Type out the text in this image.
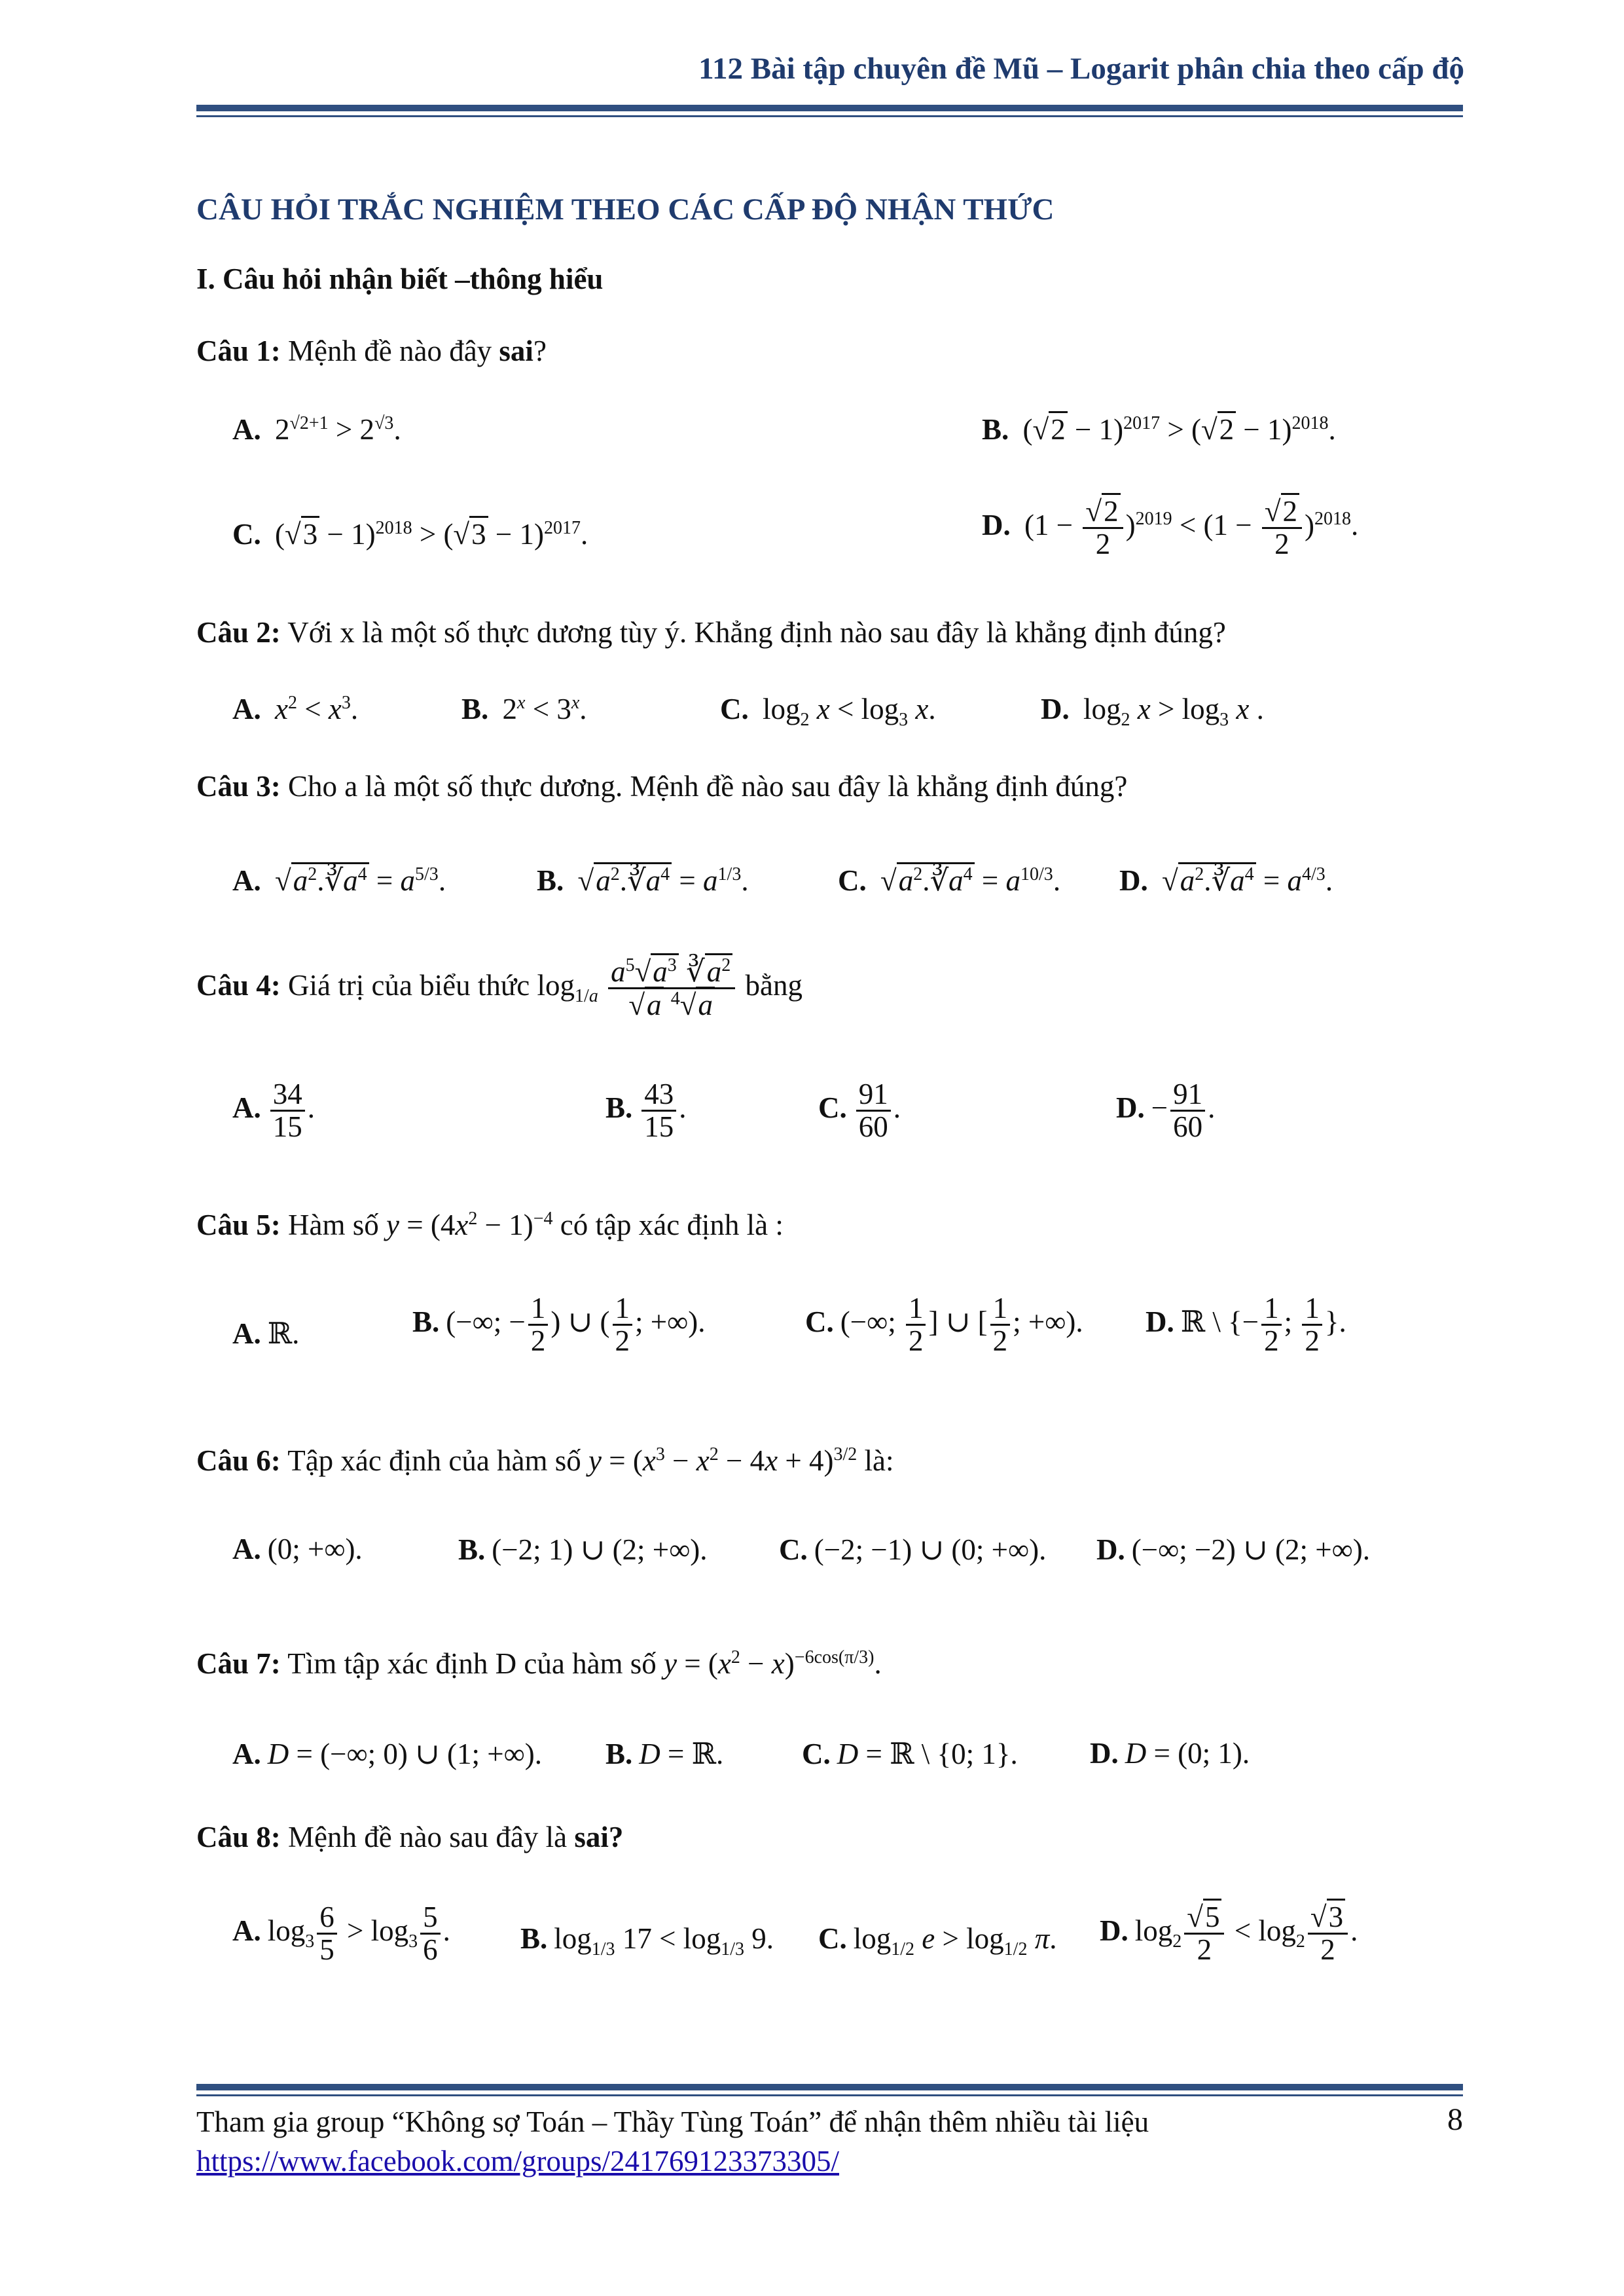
112 Bài tập chuyên đề Mũ – Logarit phân chia theo cấp độ
CÂU HỎI TRẮC NGHIỆM THEO CÁC CẤP ĐỘ NHẬN THỨC
I. Câu hỏi nhận biết –thông hiểu
Câu 1: Mệnh đề nào đây sai?
A. $2^{√2+1} > 2^{√3}$.	B. $(√2 - 1)^{2017} > (√2 - 1)^{2018}$.
C. $(√3 - 1)^{2018} > (√3 - 1)^{2017}$.	D. $(1 - \frac{√2}{2} )^{2019} < (1 - \frac{√2}{2} )^{2018}$.
Câu 2: Với x là một số thực dương tùy ý. Khẳng định nào sau đây là khẳng định đúng?
A. $x^2 < x^3$.	B. $2^x < 3^x$.	C. $\log_2 x < \log_3 x$.	D. $\log_2 x > \log_3 x$ .
Câu 3: Cho a là một số thực dương. Mệnh đề nào sau đây là khẳng định đúng?
A. $√a^2.∛a^4 = a^{5/3}$.	B. $√a^2.∛a^4 = a^{1/3}$.	C. $√a^2.∛a^4 = a^{10/3}$. D. $√a^2.∛a^4 = a^{4/3}$.
Câu 4: Giá trị của biểu thức $\log_{1/a} \frac{a^5√a^3 ∛a^2}{√a ^4√a}$ bằng
A. $\frac{34}{15}$ .	B. $\frac{43}{15}$ .	C. $\frac{91}{60}$ .	D. − $\frac{91}{60}$ .
Câu 5: Hàm số $y = (4x^2 - 1)^{-4}$ có tập xác định là :
A. ℝ.	B. (−∞; − $\frac{1}{2}$ ) ∪ ( $\frac{1}{2}$ ; +∞).	C. (−∞; $\frac{1}{2}$ ] ∪ [ $\frac{1}{2}$ ; +∞). D. ℝ \ {− $\frac{1}{2}$ ; $\frac{1}{2}$ }.
Câu 6: Tập xác định của hàm số $y = (x^3 - x^2 - 4x + 4)^{3/2}$ là:
A. (0; +∞).	B. (−2; 1) ∪ (2; +∞). C. (−2; −1) ∪ (0; +∞). D. (−∞; −2) ∪ (2; +∞).
Câu 7: Tìm tập xác định D của hàm số $y = (x^2 - x)^{-6cos(\pi/3)}$.
A. D = (−∞; 0) ∪ (1; +∞). B. D = ℝ.	C. D = ℝ \ {0; 1}. D. D = (0; 1).
Câu 8: Mệnh đề nào sau đây là sai?
A. $\log_3 \frac{6}{5} > \log_3 \frac{5}{6}$ . B. $\log_{1/3} 17 < \log_{1/3} 9$. C. $\log_{1/2} e > \log_{1/2} \pi$. D. $\log_2 \frac{√5}{2} < \log_2 \frac{√3}{2}$ .
Tham gia group “Không sợ Toán – Thầy Tùng Toán” để nhận thêm nhiều tài liệu
https://www.facebook.com/groups/241769123373305/
8
